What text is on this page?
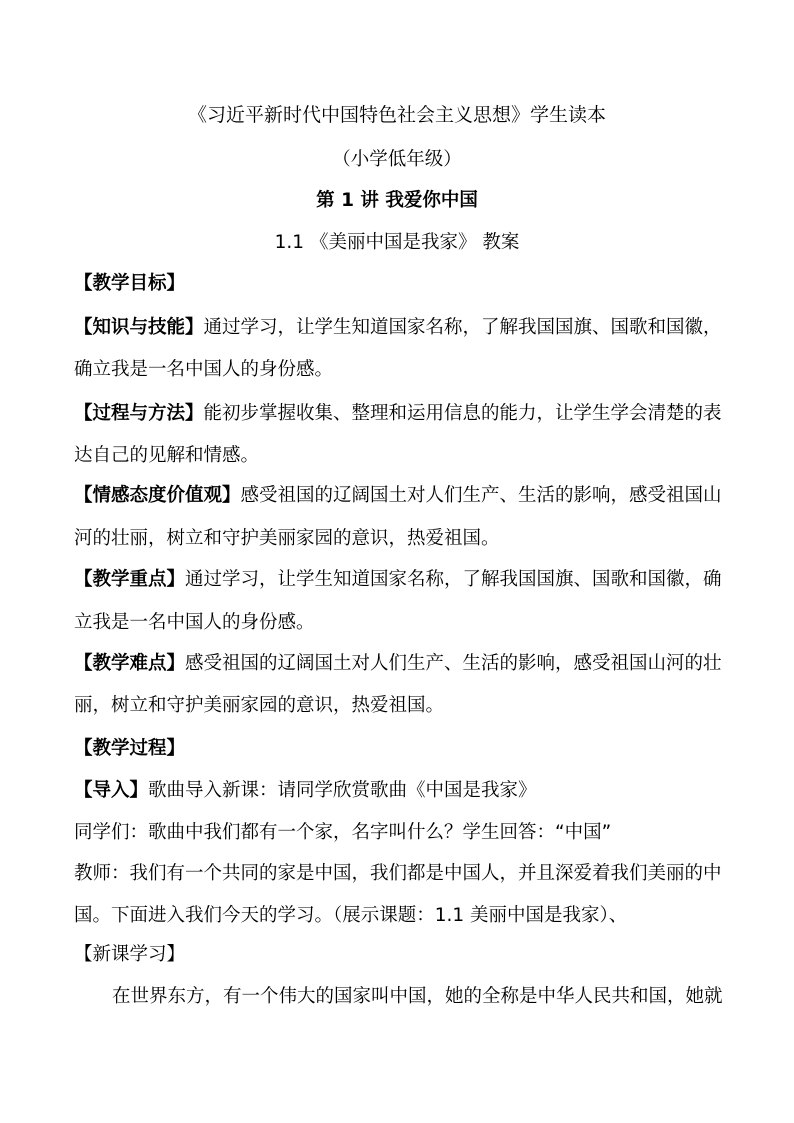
《习近平新时代中国特色社会主义思想》学生读本
（小学低年级）
第 1 讲 我爱你中国
1.1 《美丽中国是我家》 教案
【教学目标】
【知识与技能】通过学习，让学生知道国家名称，了解我国国旗、国歌和国徽，
确立我是一名中国人的身份感。
【过程与方法】能初步掌握收集、整理和运用信息的能力，让学生学会清楚的表
达自己的见解和情感。
【情感态度价值观】感受祖国的辽阔国土对人们生产、生活的影响，感受祖国山
河的壮丽，树立和守护美丽家园的意识，热爱祖国。
【教学重点】通过学习，让学生知道国家名称，了解我国国旗、国歌和国徽，确
立我是一名中国人的身份感。
【教学难点】感受祖国的辽阔国土对人们生产、生活的影响，感受祖国山河的壮
丽，树立和守护美丽家园的意识，热爱祖国。
【教学过程】
【导入】歌曲导入新课：请同学欣赏歌曲《中国是我家》
同学们：歌曲中我们都有一个家，名字叫什么？学生回答：“中国”
教师：我们有一个共同的家是中国，我们都是中国人，并且深爱着我们美丽的中
国。下面进入我们今天的学习。（展示课题：1.1 美丽中国是我家）、
【新课学习】
在世界东方，有一个伟大的国家叫中国，她的全称是中华人民共和国，她就
